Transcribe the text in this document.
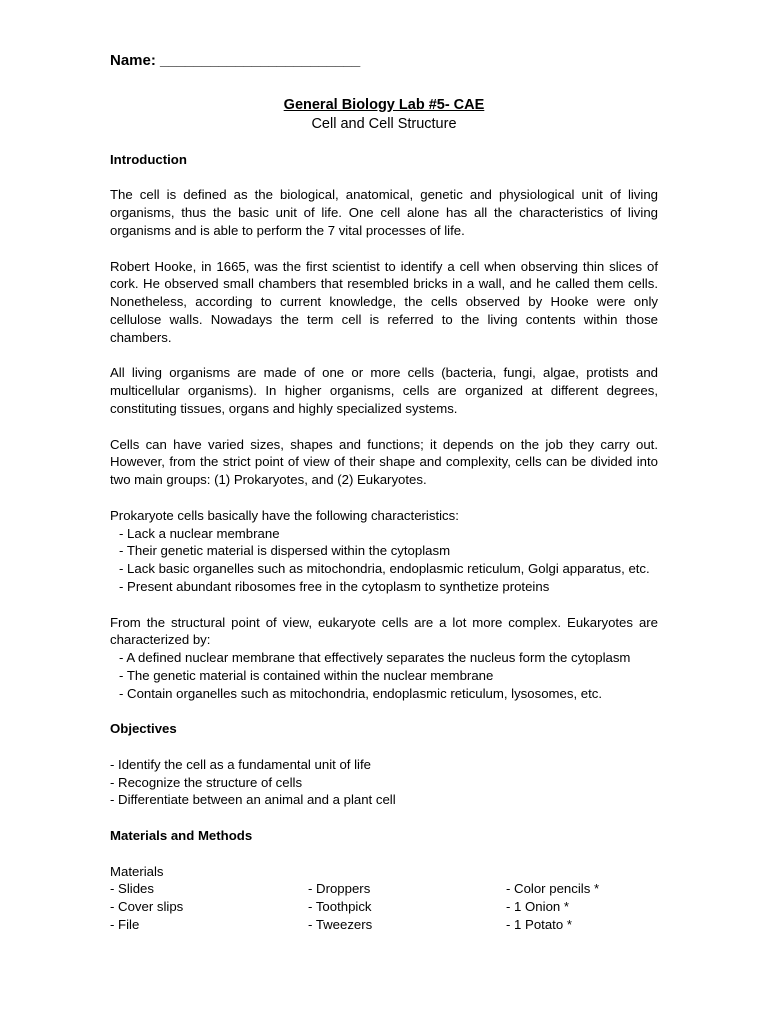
Name: ________________________
General Biology Lab #5- CAE
Cell and Cell Structure
Introduction

The cell is defined as the biological, anatomical, genetic and physiological unit of living organisms, thus the basic unit of life. One cell alone has all the characteristics of living organisms and is able to perform the 7 vital processes of life.

Robert Hooke, in 1665, was the first scientist to identify a cell when observing thin slices of cork. He observed small chambers that resembled bricks in a wall, and he called them cells. Nonetheless, according to current knowledge, the cells observed by Hooke were only cellulose walls. Nowadays the term cell is referred to the living contents within those chambers.

All living organisms are made of one or more cells (bacteria, fungi, algae, protists and multicellular organisms). In higher organisms, cells are organized at different degrees, constituting tissues, organs and highly specialized systems.

Cells can have varied sizes, shapes and functions; it depends on the job they carry out. However, from the strict point of view of their shape and complexity, cells can be divided into two main groups: (1) Prokaryotes, and (2) Eukaryotes.

Prokaryote cells basically have the following characteristics:
- Lack a nuclear membrane
- Their genetic material is dispersed within the cytoplasm
- Lack basic organelles such as mitochondria, endoplasmic reticulum, Golgi apparatus, etc.
- Present abundant ribosomes free in the cytoplasm to synthetize proteins

From the structural point of view, eukaryote cells are a lot more complex. Eukaryotes are characterized by:

- A defined nuclear membrane that effectively separates the nucleus form the cytoplasm
- The genetic material is contained within the nuclear membrane
- Contain organelles such as mitochondria, endoplasmic reticulum, lysosomes, etc.
Objectives
- Identify the cell as a fundamental unit of life
- Recognize the structure of cells
- Differentiate between an animal and a plant cell
Materials and Methods
Materials
- Slides	- Droppers	- Color pencils *
- Cover slips	- Toothpick	- 1 Onion *
- File	- Tweezers	- 1 Potato *
